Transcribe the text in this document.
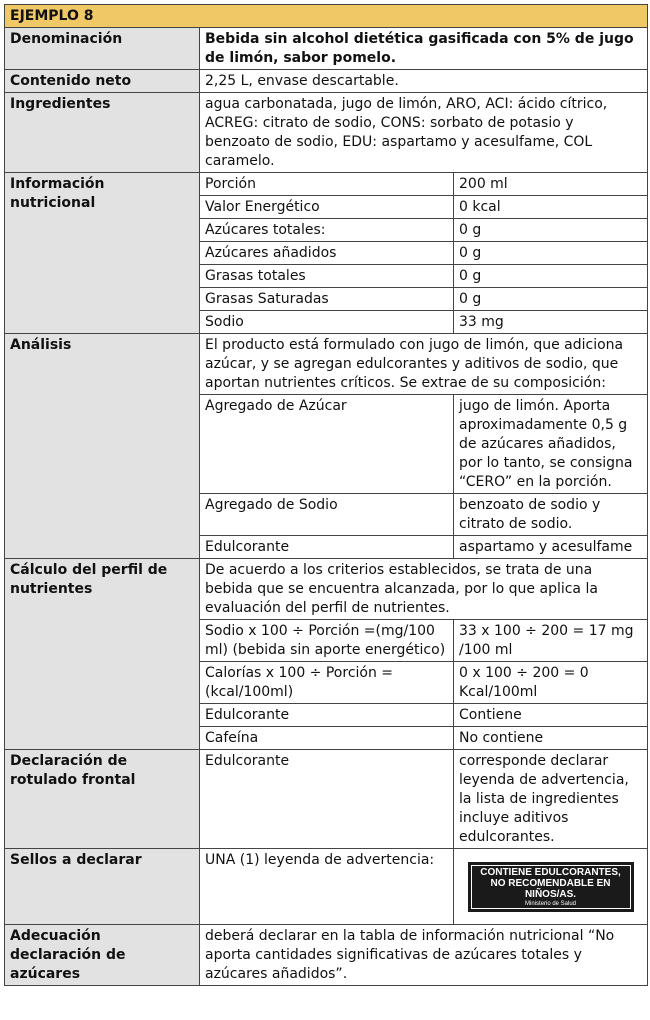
EJEMPLO 8		
Denominación	Bebida sin alcohol dietética gasificada con 5% de jugo de limón, sabor pomelo.	
Contenido neto	2,25 L, envase descartable.	
Ingredientes	agua carbonatada, jugo de limón, ARO, ACI: ácido cítrico, ACREG: citrato de sodio, CONS: sorbato de potasio y benzoato de sodio, EDU: aspartamo y acesulfame, COL caramelo.	
Información nutricional	Porción	200 ml
	Valor Energético	0 kcal
	Azúcares totales:	0 g
	Azúcares añadidos	0 g
	Grasas totales	0 g
	Grasas Saturadas	0 g
	Sodio	33 mg
Análisis	El producto está formulado con jugo de limón, que adiciona azúcar, y se agregan edulcorantes y aditivos de sodio, que aportan nutrientes críticos. Se extrae de su composición:	
	Agregado de Azúcar	jugo de limón. Aporta aproximadamente 0,5 g de azúcares añadidos, por lo tanto, se consigna “CERO” en la porción.
	Agregado de Sodio	benzoato de sodio y citrato de sodio.
	Edulcorante	aspartamo y acesulfame
Cálculo del perfil de nutrientes	De acuerdo a los criterios establecidos, se trata de una bebida que se encuentra alcanzada, por lo que aplica la evaluación del perfil de nutrientes.	
	Sodio x 100 ÷ Porción =(mg/100 ml) (bebida sin aporte energético)	33 x 100 ÷ 200 = 17 mg /100 ml
	Calorías x 100 ÷ Porción =(kcal/100ml)	0 x 100 ÷ 200 = 0 Kcal/100ml
	Edulcorante	Contiene
	Cafeína	No contiene
Declaración de rotulado frontal	Edulcorante	corresponde declarar leyenda de advertencia, la lista de ingredientes incluye aditivos edulcorantes.
Sellos a declarar	UNA (1) leyenda de advertencia:	CONTIENE EDULCORANTES,
NO RECOMENDABLE EN NIÑOS/AS.
Ministerio de Salud

Adecuación declaración de azúcares	deberá declarar en la tabla de información nutricional “No aporta cantidades significativas de azúcares totales y azúcares añadidos”.	
